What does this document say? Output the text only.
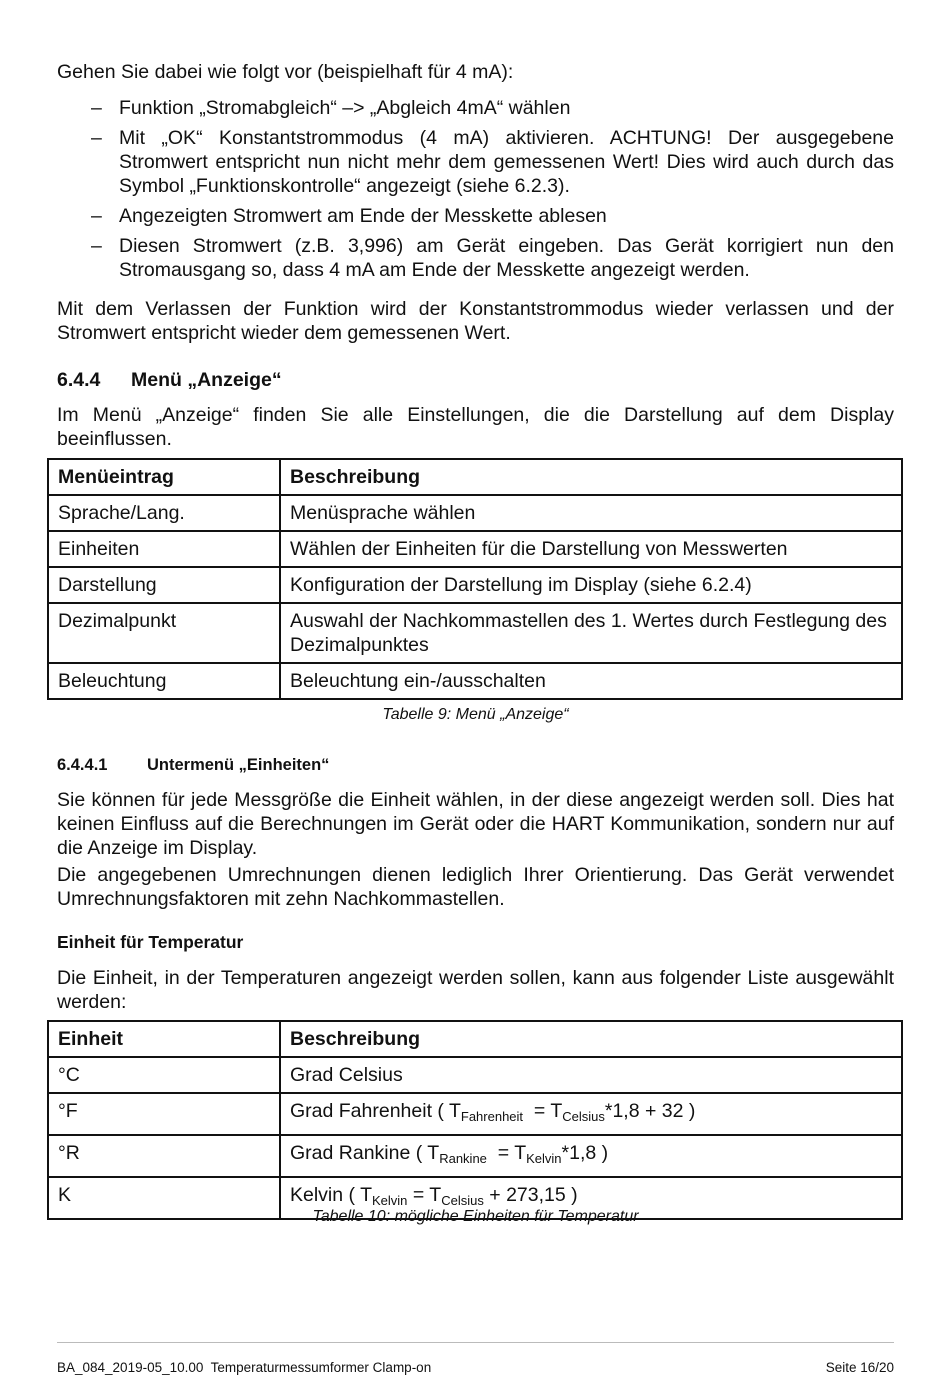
Gehen Sie dabei wie folgt vor (beispielhaft für 4 mA):

– Funktion „Stromabgleich“ –> „Abgleich 4mA“ wählen
– Mit „OK“ Konstantstrommodus (4 mA) aktivieren. ACHTUNG! Der ausgegebene Stromwert entspricht nun nicht mehr dem gemessenen Wert! Dies wird auch durch das Symbol „Funktionskontrolle“ angezeigt (siehe 6.2.3).
– Angezeigten Stromwert am Ende der Messkette ablesen
– Diesen Stromwert (z.B. 3,996) am Gerät eingeben. Das Gerät korrigiert nun den Stromausgang so, dass 4 mA am Ende der Messkette angezeigt werden.

Mit dem Verlassen der Funktion wird der Konstantstrommodus wieder verlassen und der Stromwert entspricht wieder dem gemessenen Wert.

6.4.4 Menü „Anzeige“

Im Menü „Anzeige“ finden Sie alle Einstellungen, die die Darstellung auf dem Display beeinflussen.

Menüeintrag	Beschreibung
Sprache/Lang.	Menüsprache wählen
Einheiten	Wählen der Einheiten für die Darstellung von Messwerten
Darstellung	Konfiguration der Darstellung im Display (siehe 6.2.4)
Dezimalpunkt	Auswahl der Nachkommastellen des 1. Wertes durch Festlegung des Dezimalpunktes
Beleuchtung	Beleuchtung ein-/ausschalten
Tabelle 9: Menü „Anzeige“
6.4.4.1 Untermenü „Einheiten“

Sie können für jede Messgröße die Einheit wählen, in der diese angezeigt werden soll. Dies hat keinen Einfluss auf die Berechnungen im Gerät oder die HART Kommunikation, sondern nur auf die Anzeige im Display.

Die angegebenen Umrechnungen dienen lediglich Ihrer Orientierung. Das Gerät verwendet Umrechnungsfaktoren mit zehn Nachkommastellen.

Einheit für Temperatur

Die Einheit, in der Temperaturen angezeigt werden sollen, kann aus folgender Liste ausgewählt werden:

Einheit	Beschreibung
°C	Grad Celsius
°F	Grad Fahrenheit ( $T_{Fahrenheit} = T_{Celsius}*1,8 + 32$ )
°R	Grad Rankine ( $T_{Rankine} = T_{Kelvin}*1,8$ )
K	Kelvin ( $T_{Kelvin} = T_{Celsius} + 273,15$ )
Tabelle 10: mögliche Einheiten für Temperatur
BA_084_2019-05_10.00  Temperaturmessumformer Clamp-on	Seite 16/20
